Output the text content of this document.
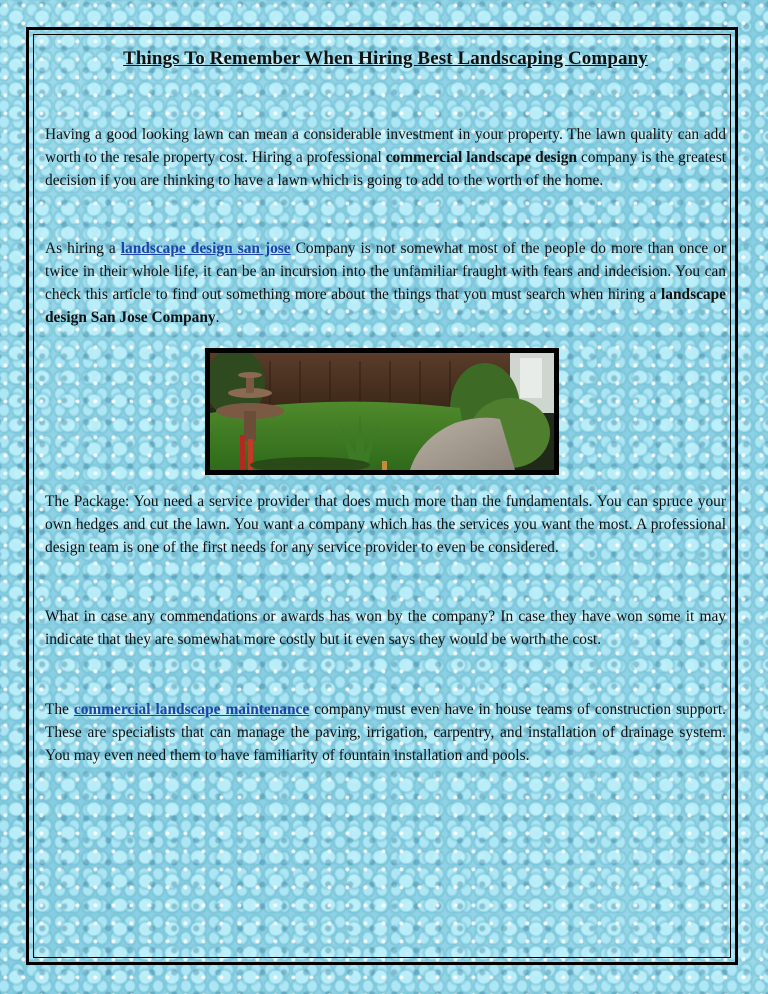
Things To Remember When Hiring Best Landscaping Company

Having a good looking lawn can mean a considerable investment in your property. The lawn quality can add worth to the resale property cost. Hiring a professional commercial landscape design company is the greatest decision if you are thinking to have a lawn which is going to add to the worth of the home.

As hiring a landscape design san jose Company is not somewhat most of the people do more than once or twice in their whole life, it can be an incursion into the unfamiliar fraught with fears and indecision. You can check this article to find out something more about the things that you must search when hiring a landscape design San Jose Company.

The Package: You need a service provider that does much more than the fundamentals. You can spruce your own hedges and cut the lawn. You want a company which has the services you want the most. A professional design team is one of the first needs for any service provider to even be considered.

What in case any commendations or awards has won by the company? In case they have won some it may indicate that they are somewhat more costly but it even says they would be worth the cost.

The commercial landscape maintenance company must even have in house teams of construction support. These are specialists that can manage the paving, irrigation, carpentry, and installation of drainage system. You may even need them to have familiarity of fountain installation and pools.
